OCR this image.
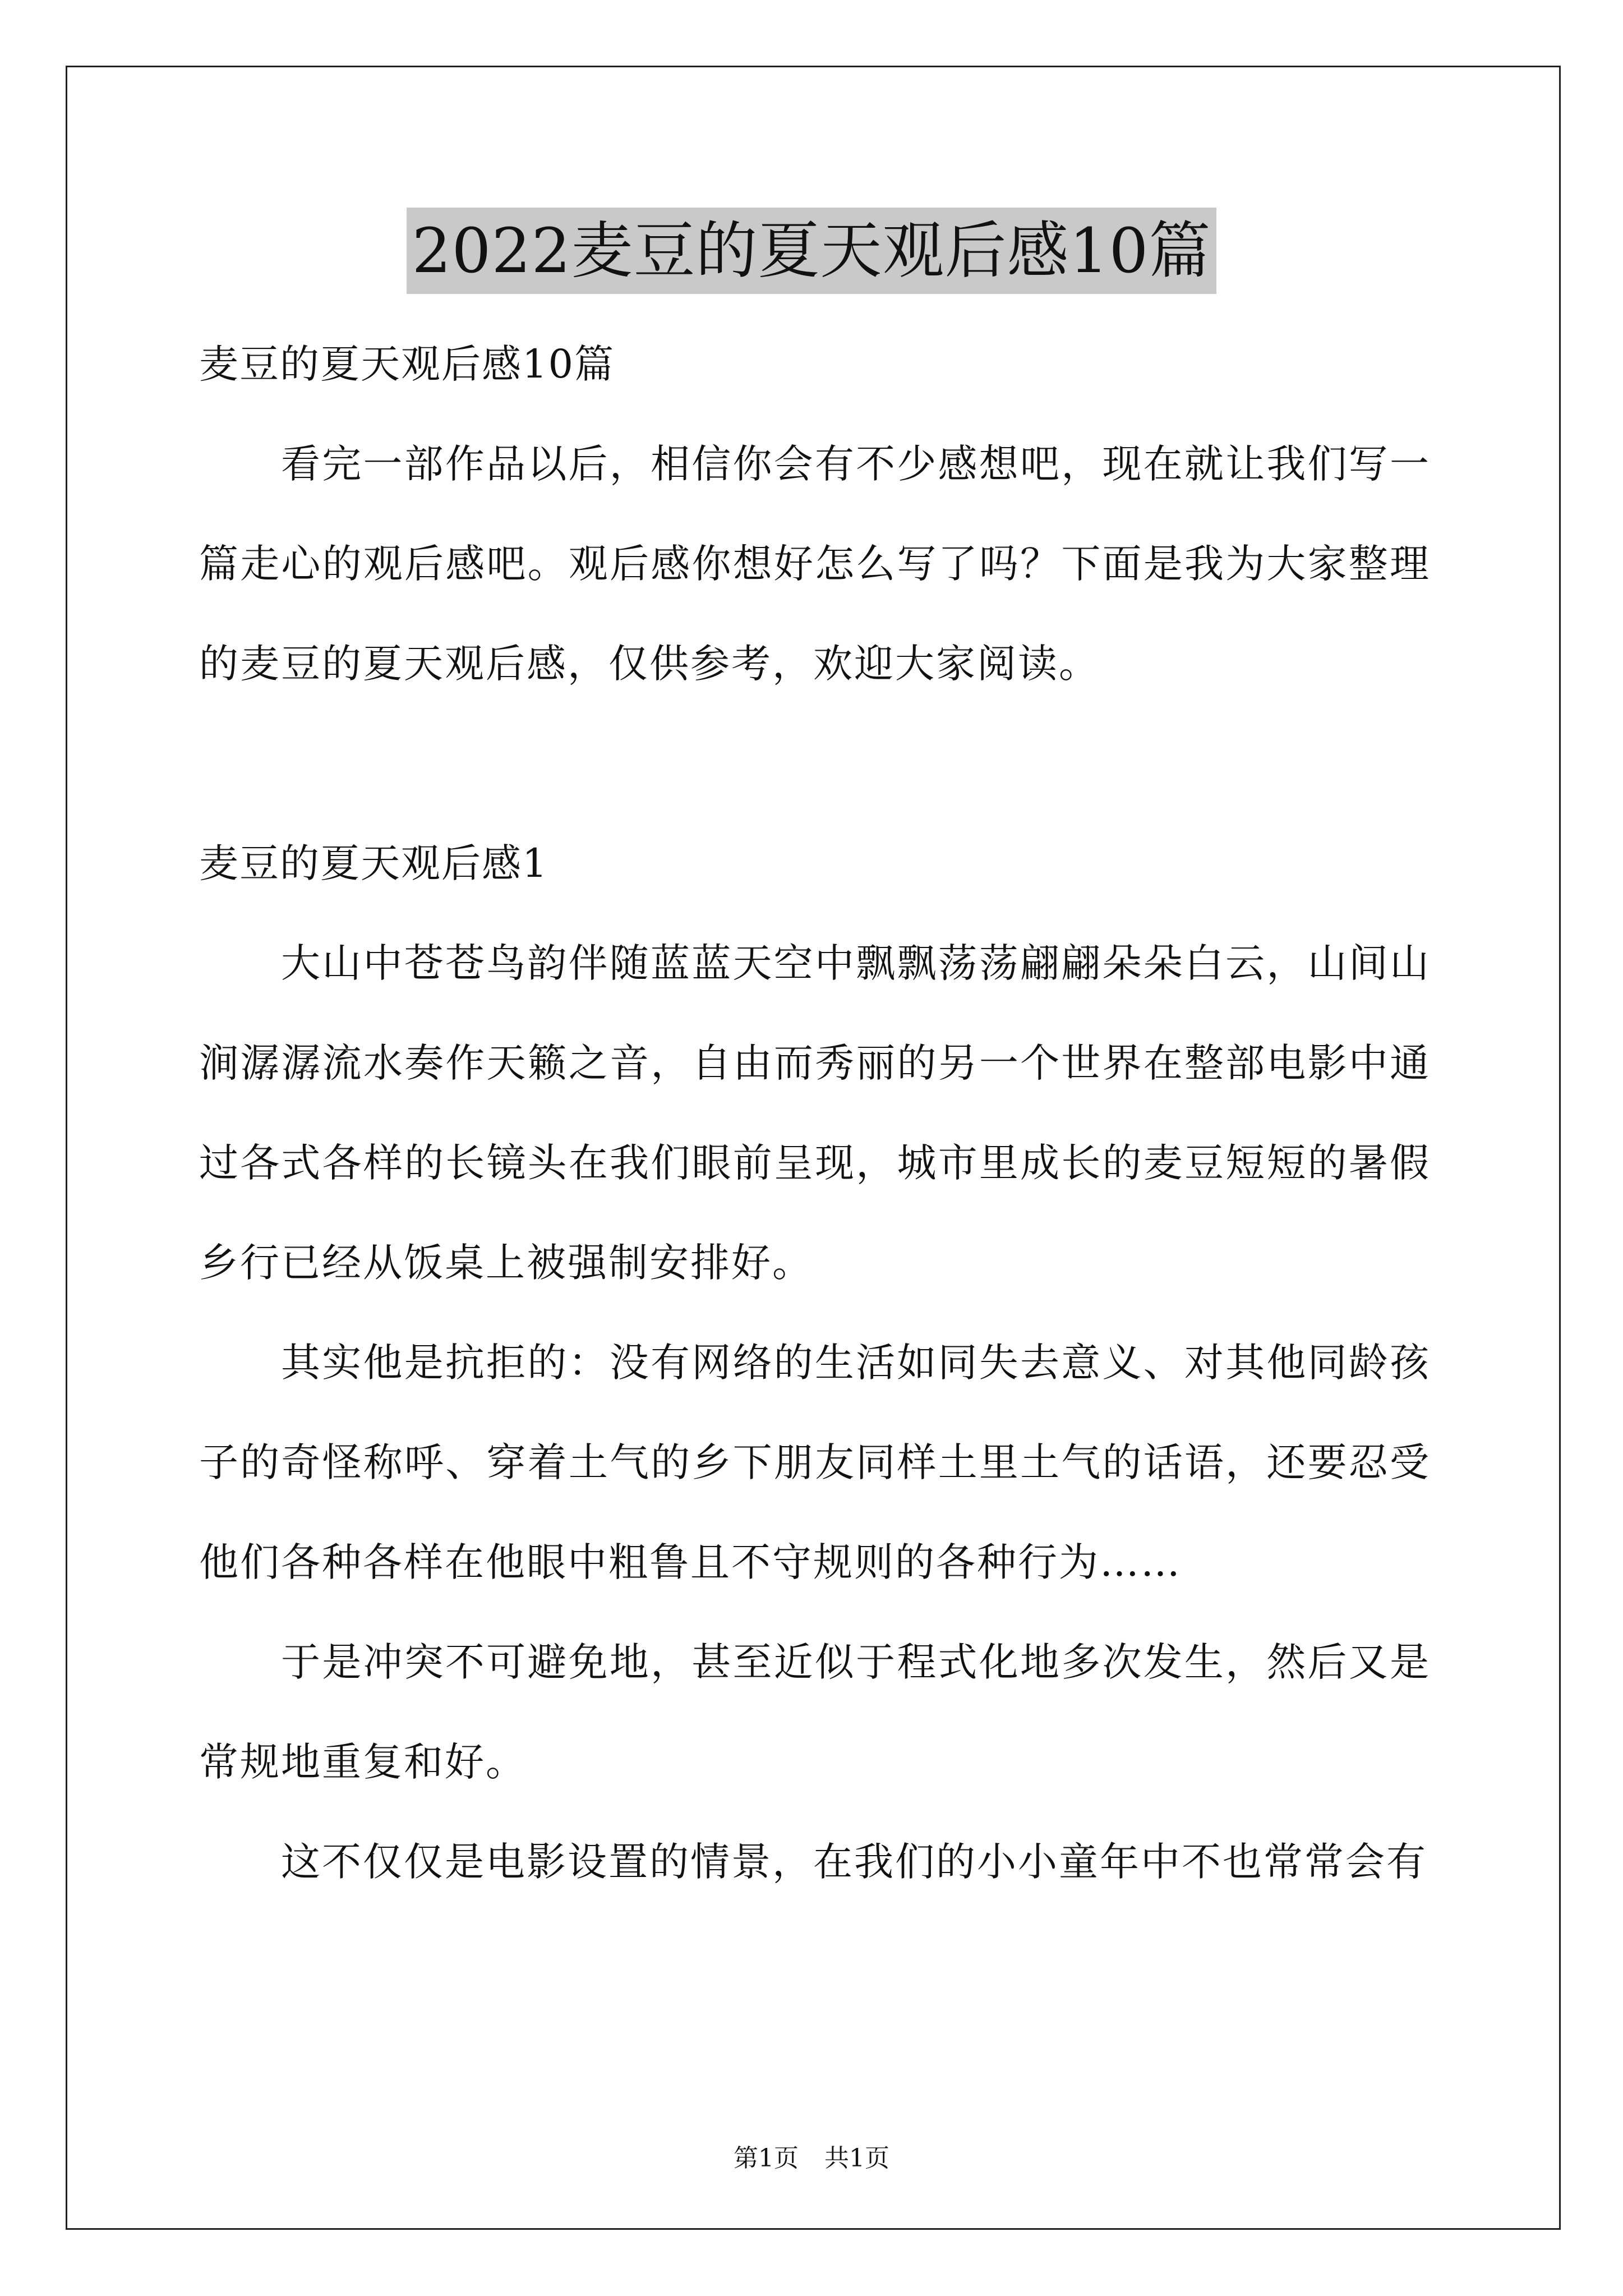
2022麦豆的夏天观后感10篇

麦豆的夏天观后感10篇

看完一部作品以后，相信你会有不少感想吧，现在就让我们写一篇走心的观后感吧。观后感你想好怎么写了吗？下面是我为大家整理的麦豆的夏天观后感，仅供参考，欢迎大家阅读。

麦豆的夏天观后感1

大山中苍苍鸟韵伴随蓝蓝天空中飘飘荡荡翩翩朵朵白云，山间山涧潺潺流水奏作天籁之音，自由而秀丽的另一个世界在整部电影中通过各式各样的长镜头在我们眼前呈现，城市里成长的麦豆短短的暑假乡行已经从饭桌上被强制安排好。

其实他是抗拒的：没有网络的生活如同失去意义、对其他同龄孩子的奇怪称呼、穿着土气的乡下朋友同样土里土气的话语，还要忍受他们各种各样在他眼中粗鲁且不守规则的各种行为……

于是冲突不可避免地，甚至近似于程式化地多次发生，然后又是常规地重复和好。

这不仅仅是电影设置的情景，在我们的小小童年中不也常常会有

第1页 共1页
